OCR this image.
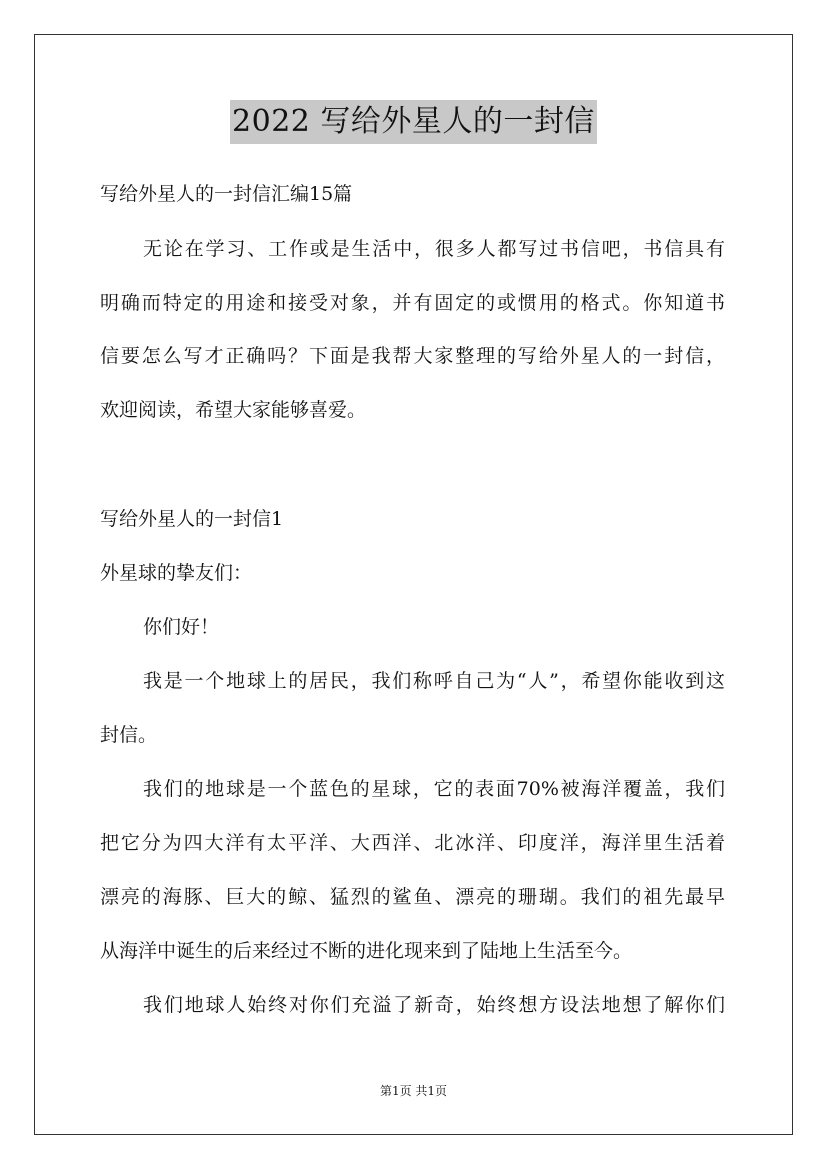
2022 写给外星人的一封信
写给外星人的一封信汇编15篇
无论在学习、工作或是生活中，很多人都写过书信吧，书信具有
明确而特定的用途和接受对象，并有固定的或惯用的格式。你知道书
信要怎么写才正确吗？下面是我帮大家整理的写给外星人的一封信，
欢迎阅读，希望大家能够喜爱。
写给外星人的一封信1
外星球的挚友们：
你们好！
我是一个地球上的居民，我们称呼自己为“人”，希望你能收到这
封信。
我们的地球是一个蓝色的星球，它的表面70%被海洋覆盖，我们
把它分为四大洋有太平洋、大西洋、北冰洋、印度洋，海洋里生活着
漂亮的海豚、巨大的鲸、猛烈的鲨鱼、漂亮的珊瑚。我们的祖先最早
从海洋中诞生的后来经过不断的进化现来到了陆地上生活至今。
我们地球人始终对你们充溢了新奇，始终想方设法地想了解你们
第1页 共1页
